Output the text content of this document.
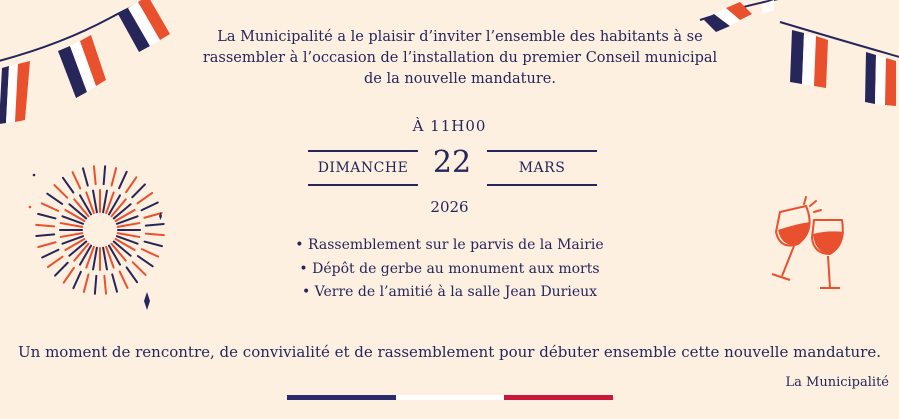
La Municipalité a le plaisir d’inviter l’ensemble des habitants à se
rassembler à l’occasion de l’installation du premier Conseil municipal
de la nouvelle mandature.
À 11H00
DIMANCHE 22	MARS
2026
• Rassemblement sur le parvis de la Mairie
• Dépôt de gerbe au monument aux morts
• Verre de l’amitié à la salle Jean Durieux
Un moment de rencontre, de convivialité et de rassemblement pour débuter ensemble cette nouvelle mandature.
La Municipalité
